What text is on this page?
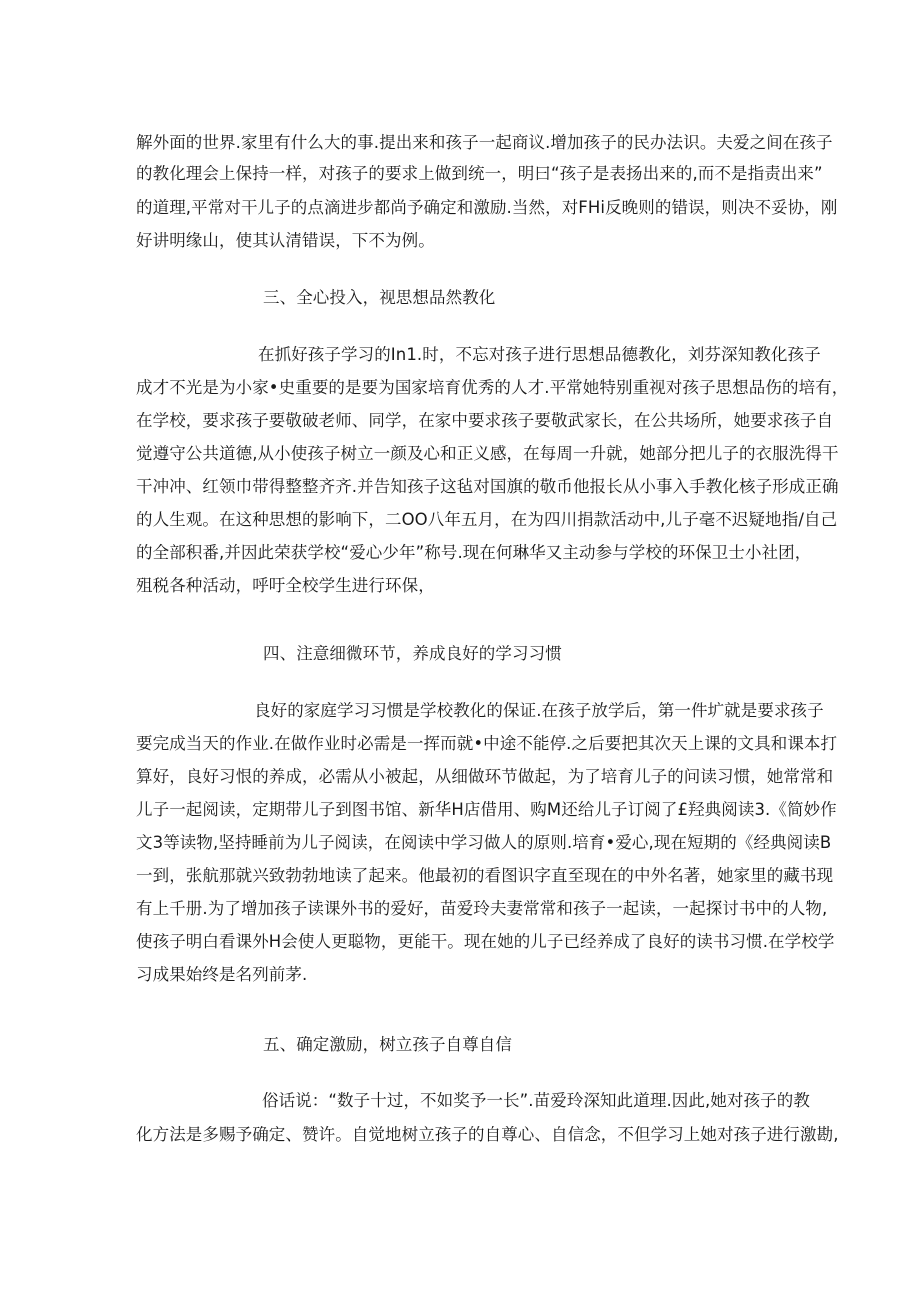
解外面的世界.家里有什么大的事.提出来和孩子一起商议.增加孩子的民办法识。夫爱之间在孩子
的教化理会上保持一样，对孩子的要求上做到统一，明曰“孩子是表扬出来的,而不是指责出来”
的道理,平常对干儿子的点滴进步都尚予确定和激励.当然，对FHi反晚则的错误，则决不妥协，刚
好讲明缘山，使其认清错误，下不为例。
三、全心投入，视思想品然教化
在抓好孩子学习的In1.时，不忘对孩子进行思想品德教化，刘芬深知教化孩子
成才不光是为小家•史重要的是要为国家培育优秀的人才.平常她特别重视对孩子思想品伤的培有，
在学校，要求孩子要敬破老师、同学，在家中要求孩子要敬武家长，在公共场所，她要求孩子自
觉遵守公共道德,从小使孩子树立一颜及心和正义感，在每周一升就，她部分把儿子的衣服洗得干
干冲冲、红领巾带得整整齐齐.并告知孩子这毡对国旗的敬币他报长从小事入手教化核子形成正确
的人生观。在这种思想的影响下，二OO八年五月，在为四川捐款活动中,儿子毫不迟疑地指/自己
的全部积番,并因此荣获学校“爱心少年”称号.现在何琳华又主动参与学校的环保卫士小社团，
殂税各种活动，呼吁全校学生进行环保，
四、注意细微环节，养成良好的学习习惯
良好的家庭学习习惯是学校教化的保证.在孩子放学后，第一件圹就是要求孩子
要完成当天的作业.在做作业时必需是一挥而就•中途不能停.之后要把其次天上课的文具和课本打
算好，良好习恨的养成，必需从小被起，从细做环节做起，为了培育儿子的问读习惯，她常常和
儿子一起阅读，定期带儿子到图书馆、新华H店借用、购M还给儿子订阅了£羟典阅读3.《简妙作
文3等读物,坚持睡前为儿子阅读，在阅读中学习做人的原则.培育•爱心,现在短期的《经典阅读B
一到，张航那就兴致勃勃地读了起来。他最初的看图识字直至现在的中外名著，她家里的藏书现
有上千册.为了增加孩子读课外书的爱好，苗爱玲夫妻常常和孩子一起读，一起探讨书中的人物,
使孩子明白看课外H会使人更聪物，更能干。现在她的儿子已经养成了良好的读书习惯.在学校学
习成果始终是名列前茅.
五、确定激励，树立孩子自尊自信
俗话说：“数子十过，不如奖予一长”.苗爱玲深知此道理.因此,她对孩子的教
化方法是多赐予确定、赞许。自觉地树立孩子的自尊心、自信念，不但学习上她对孩子进行激勘,
